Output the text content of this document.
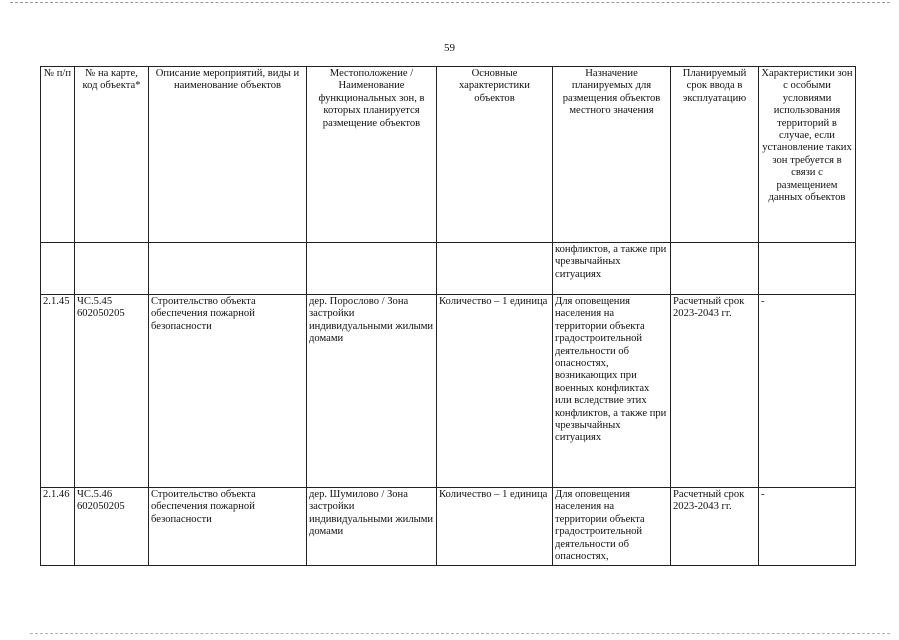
59
№ п/п	№ на карте, код объекта*	Описание мероприятий, виды и наименование объектов	Местоположение / Наименование функциональных зон, в которых планируется размещение объектов	Основные характеристики объектов	Назначение планируемых для размещения объектов местного значения	Планируемый срок ввода в эксплуатацию	Характеристики зон с особыми условиями использования территорий в случае, если установление таких зон требуется в связи с размещением данных объектов
					конфликтов, а также при чрезвычайных ситуациях		
2.1.45	ЧС.5.45 602050205	Строительство объекта обеспечения пожарной безопасности	дер. Порослово / Зона застройки индивидуальными жилыми домами	Количество – 1 единица	Для оповещения населения на территории объекта градостроительной деятельности об опасностях, возникающих при военных конфликтах или вследствие этих конфликтов, а также при чрезвычайных ситуациях	Расчетный срок 2023-2043 гг.	-
2.1.46	ЧС.5.46 602050205	Строительство объекта обеспечения пожарной безопасности	дер. Шумилово / Зона застройки индивидуальными жилыми домами	Количество – 1 единица	Для оповещения населения на территории объекта градостроительной деятельности об опасностях,	Расчетный срок 2023-2043 гг.	-
